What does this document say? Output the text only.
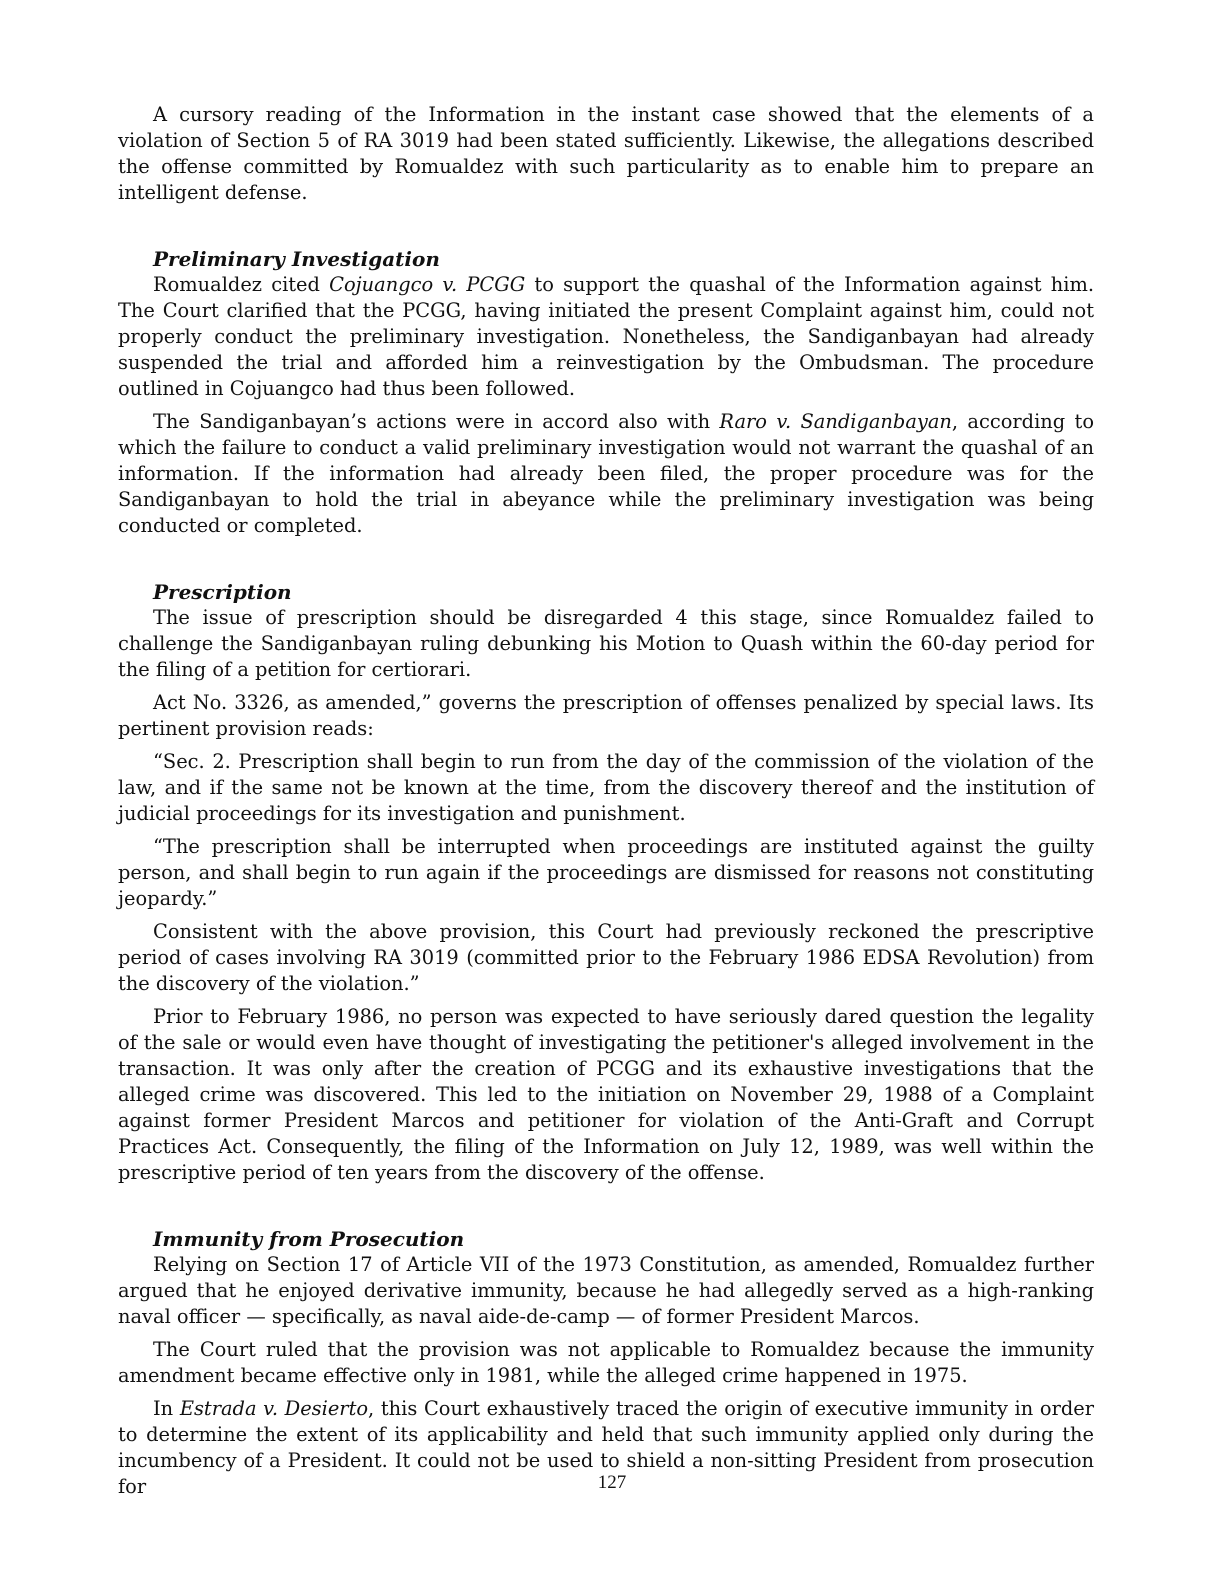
A cursory reading of the Information in the instant case showed that the elements of a violation of Section 5 of RA 3019 had been stated sufficiently. Likewise, the allegations described the offense committed by Romualdez with such particularity as to enable him to prepare an intelligent defense.

Preliminary Investigation

Romualdez cited Cojuangco v. PCGG to support the quashal of the Information against him. The Court clarified that the PCGG, having initiated the present Complaint against him, could not properly conduct the preliminary investigation. Nonetheless, the Sandiganbayan had already suspended the trial and afforded him a reinvestigation by the Ombudsman. The procedure outlined in Cojuangco had thus been followed.

The Sandiganbayan’s actions were in accord also with Raro v. Sandiganbayan, according to which the failure to conduct a valid preliminary investigation would not warrant the quashal of an information. If the information had already been filed, the proper procedure was for the Sandiganbayan to hold the trial in abeyance while the preliminary investigation was being conducted or completed.

Prescription

The issue of prescription should be disregarded 4 this stage, since Romualdez failed to challenge the Sandiganbayan ruling debunking his Motion to Quash within the 60-day period for the filing of a petition for certiorari.

Act No. 3326, as amended,” governs the prescription of offenses penalized by special laws. Its pertinent provision reads:

“Sec. 2. Prescription shall begin to run from the day of the commission of the violation of the law, and if the same not be known at the time, from the discovery thereof and the institution of judicial proceedings for its investigation and punishment.

“The prescription shall be interrupted when proceedings are instituted against the guilty person, and shall begin to run again if the proceedings are dismissed for reasons not constituting jeopardy.”

Consistent with the above provision, this Court had previously reckoned the prescriptive period of cases involving RA 3019 (committed prior to the February 1986 EDSA Revolution) from the discovery of the violation.”

Prior to February 1986, no person was expected to have seriously dared question the legality of the sale or would even have thought of investigating the petitioner's alleged involvement in the transaction. It was only after the creation of PCGG and its exhaustive investigations that the alleged crime was discovered. This led to the initiation on November 29, 1988 of a Complaint against former President Marcos and petitioner for violation of the Anti-Graft and Corrupt Practices Act. Consequently, the filing of the Information on July 12, 1989, was well within the prescriptive period of ten years from the discovery of the offense.

Immunity from Prosecution

Relying on Section 17 of Article VII of the 1973 Constitution, as amended, Romualdez further argued that he enjoyed derivative immunity, because he had allegedly served as a high-ranking naval officer — specifically, as naval aide-de-camp — of former President Marcos.

The Court ruled that the provision was not applicable to Romualdez because the immunity amendment became effective only in 1981, while the alleged crime happened in 1975.

In Estrada v. Desierto, this Court exhaustively traced the origin of executive immunity in order to determine the extent of its applicability and held that such immunity applied only during the incumbency of a President. It could not be used to shield a non-sitting President from prosecution for	127
